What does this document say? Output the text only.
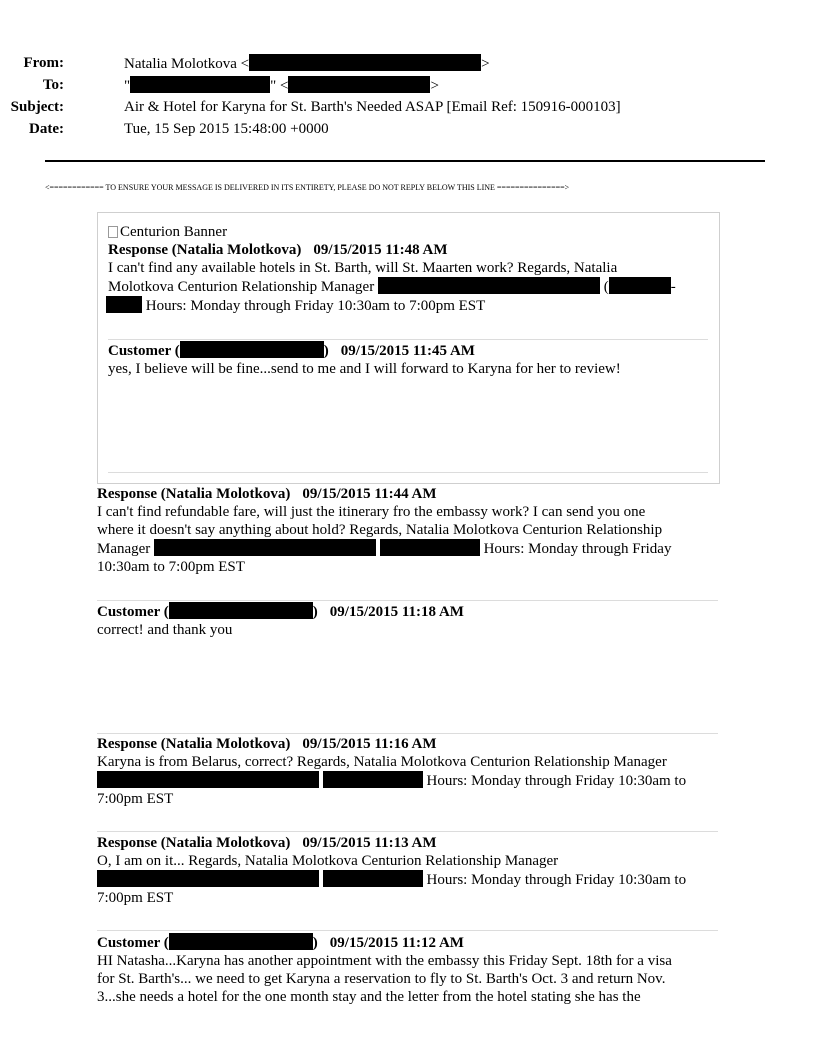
From:	Natalia Molotkova <	>
To:	"	" <	>
Subject:	Air & Hotel for Karyna for St. Barth's Needed ASAP [Email Ref: 150916-000103]
Date:	Tue, 15 Sep 2015 15:48:00 +0000
<============ TO ENSURE YOUR MESSAGE IS DELIVERED IN ITS ENTIRETY, PLEASE DO NOT REPLY BELOW THIS LINE ===============>
Centurion Banner
Response (Natalia Molotkova) 09/15/2015 11:48 AM
I can't find any available hotels in St. Barth, will St. Maarten work? Regards, Natalia
Molotkova Centurion Relationship Manager	(	-
Hours: Monday through Friday 10:30am to 7:00pm EST
Customer (	) 09/15/2015 11:45 AM
yes, I believe will be fine...send to me and I will forward to Karyna for her to review!
Response (Natalia Molotkova) 09/15/2015 11:44 AM
I can't find refundable fare, will just the itinerary fro the embassy work? I can send you one
where it doesn't say anything about hold? Regards, Natalia Molotkova Centurion Relationship
Manager	Hours: Monday through Friday
10:30am to 7:00pm EST
Customer (	) 09/15/2015 11:18 AM
correct! and thank you
Response (Natalia Molotkova) 09/15/2015 11:16 AM
Karyna is from Belarus, correct? Regards, Natalia Molotkova Centurion Relationship Manager
Hours: Monday through Friday 10:30am to
7:00pm EST
Response (Natalia Molotkova) 09/15/2015 11:13 AM
O, I am on it... Regards, Natalia Molotkova Centurion Relationship Manager
Hours: Monday through Friday 10:30am to
7:00pm EST
Customer (	) 09/15/2015 11:12 AM
HI Natasha...Karyna has another appointment with the embassy this Friday Sept. 18th for a visa
for St. Barth's... we need to get Karyna a reservation to fly to St. Barth's Oct. 3 and return Nov.
3...she needs a hotel for the one month stay and the letter from the hotel stating she has the
